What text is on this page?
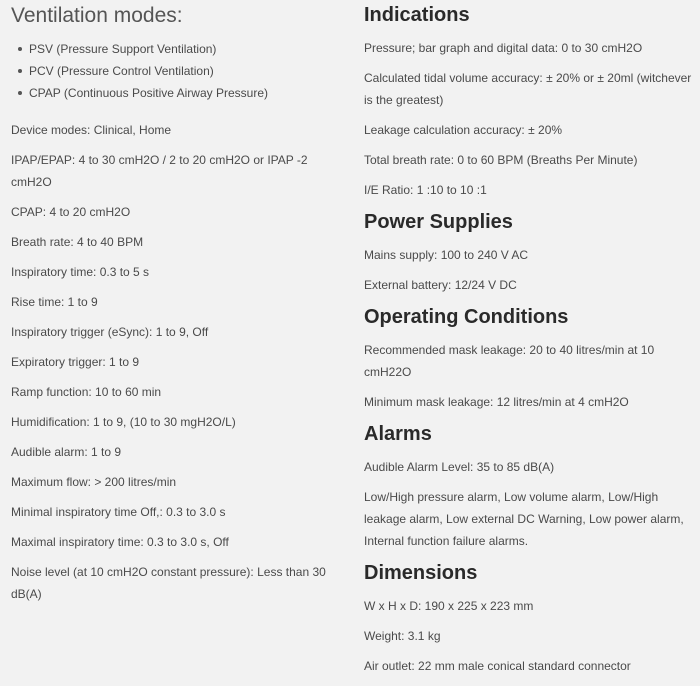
Ventilation modes:
PSV (Pressure Support Ventilation)
PCV (Pressure Control Ventilation)
CPAP (Continuous Positive Airway Pressure)

Device modes: Clinical, Home

IPAP/EPAP: 4 to 30 cmH2O / 2 to 20 cmH2O or IPAP -2 cmH2O

CPAP: 4 to 20 cmH2O

Breath rate: 4 to 40 BPM

Inspiratory time: 0.3 to 5 s

Rise time: 1 to 9

Inspiratory trigger (eSync): 1 to 9, Off

Expiratory trigger: 1 to 9

Ramp function: 10 to 60 min

Humidification: 1 to 9, (10 to 30 mgH2O/L)

Audible alarm: 1 to 9

Maximum flow: > 200 litres/min

Minimal inspiratory time Off,: 0.3 to 3.0 s

Maximal inspiratory time: 0.3 to 3.0 s, Off

Noise level (at 10 cmH2O constant pressure): Less than 30 dB(A)

Indications

Pressure; bar graph and digital data: 0 to 30 cmH2O

Calculated tidal volume accuracy: ± 20% or ± 20ml (witchever is the greatest)

Leakage calculation accuracy: ± 20%

Total breath rate: 0 to 60 BPM (Breaths Per Minute)

I/E Ratio: 1 :10 to 10 :1

Power Supplies

Mains supply: 100 to 240 V AC

External battery: 12/24 V DC

Operating Conditions

Recommended mask leakage: 20 to 40 litres/min at 10 cmH22O

Minimum mask leakage: 12 litres/min at 4 cmH2O

Alarms

Audible Alarm Level: 35 to 85 dB(A)

Low/High pressure alarm, Low volume alarm, Low/High leakage alarm, Low external DC Warning, Low power alarm, Internal function failure alarms.

Dimensions

W x H x D: 190 x 225 x 223 mm

Weight: 3.1 kg

Air outlet: 22 mm male conical standard connector
